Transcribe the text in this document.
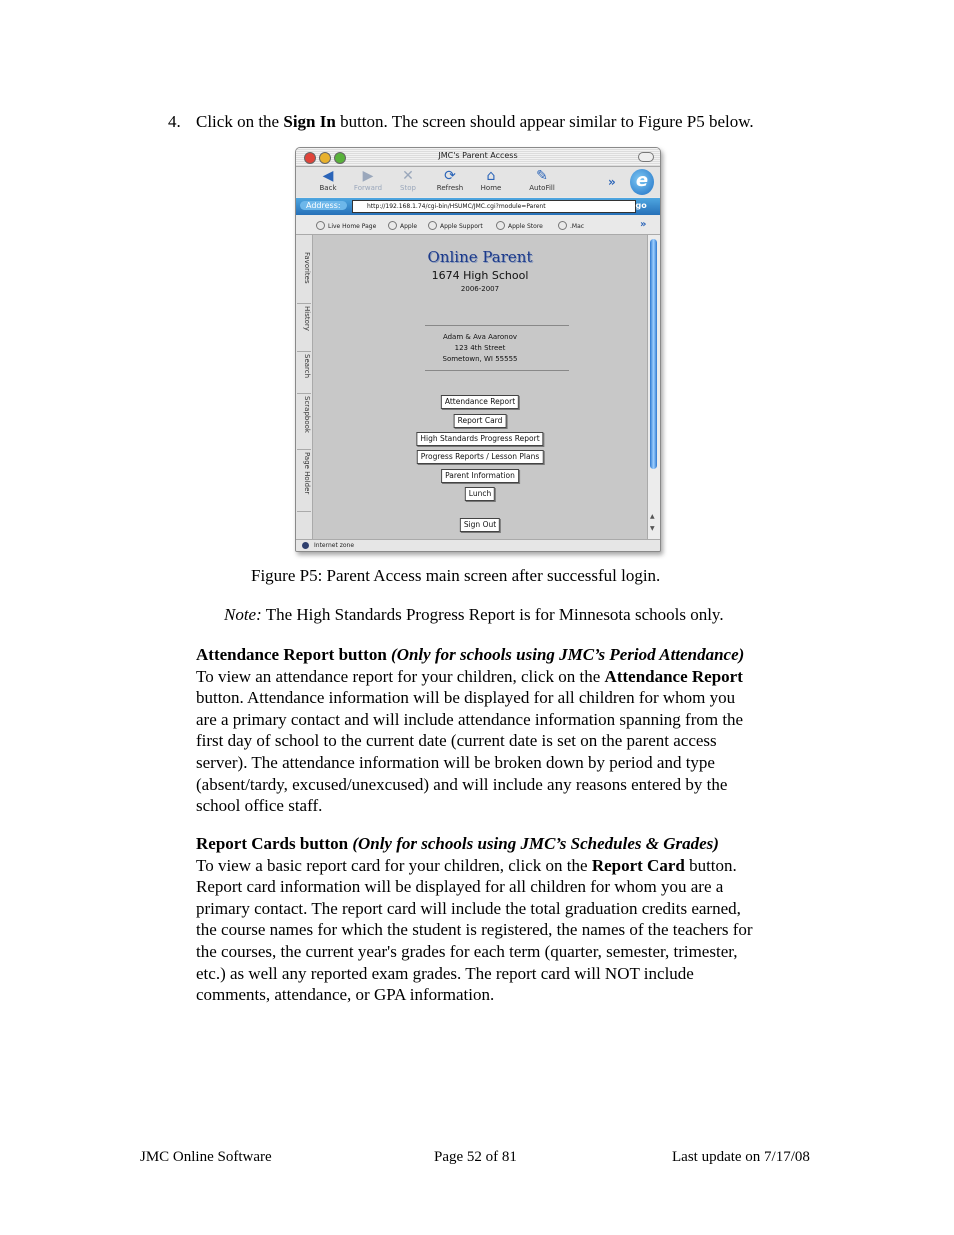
4. Click on the Sign In button. The screen should appear similar to Figure P5 below.
JMC's Parent Access
◀
Back
▶
Forward
✕
Stop
⟳
Refresh
⌂
Home
✎
AutoFill	»	e
Address:	http://192.168.1.74/cgi-bin/HSUMC/JMC.cgi?module=Parent	❯ go
Live Home Page	Apple	Apple Support	Apple Store	.Mac	»
Favorites
History
Search
Scrapbook
Page Holder
Online Parent
1674 High School
2006-2007
Adam & Ava Aaronov
123 4th Street
Sometown, WI 55555
Attendance Report
Report Card
High Standards Progress Report
Progress Reports / Lesson Plans
Parent Information
Lunch
Sign Out
▲
▼
Internet zone
Figure P5: Parent Access main screen after successful login.
Note: The High Standards Progress Report is for Minnesota schools only.
Attendance Report button (Only for schools using JMC’s Period Attendance)
To view an attendance report for your children, click on the Attendance Report
button. Attendance information will be displayed for all children for whom you
are a primary contact and will include attendance information spanning from the
first day of school to the current date (current date is set on the parent access
server). The attendance information will be broken down by period and type
(absent/tardy, excused/unexcused) and will include any reasons entered by the
school office staff.
Report Cards button (Only for schools using JMC’s Schedules & Grades)
To view a basic report card for your children, click on the Report Card button.
Report card information will be displayed for all children for whom you are a
primary contact. The report card will include the total graduation credits earned,
the course names for which the student is registered, the names of the teachers for
the courses, the current year's grades for each term (quarter, semester, trimester,
etc.) as well any reported exam grades. The report card will NOT include
comments, attendance, or GPA information.
JMC Online Software	Page 52 of 81	Last update on 7/17/08
